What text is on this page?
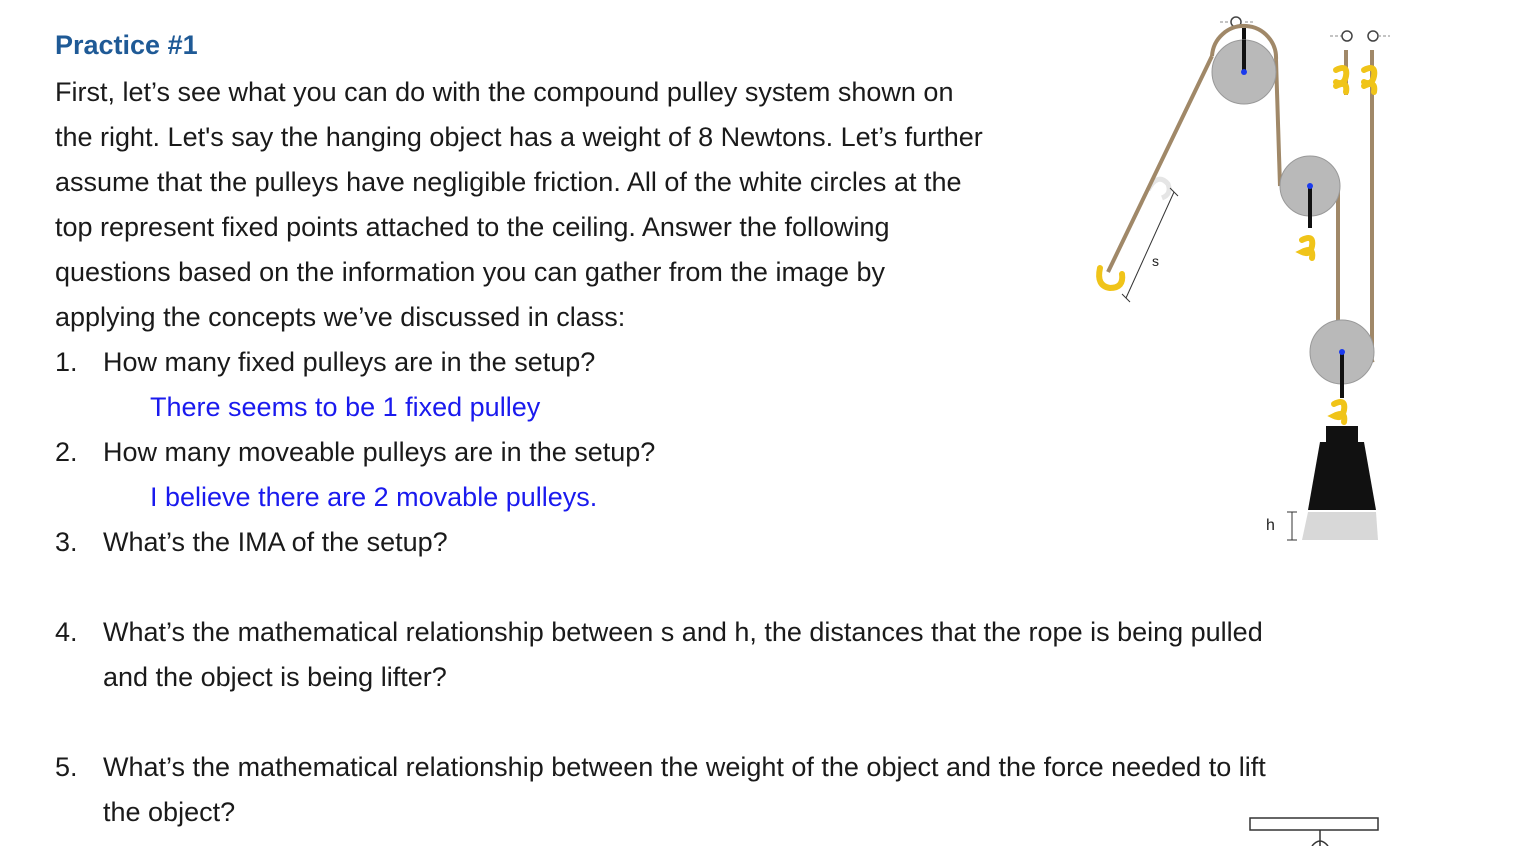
Practice #1
First, let’s see what you can do with the compound pulley system shown on
the right. Let's say the hanging object has a weight of 8 Newtons. Let’s further
assume that the pulleys have negligible friction. All of the white circles at the
top represent fixed points attached to the ceiling. Answer the following
questions based on the information you can gather from the image by
applying the concepts we’ve discussed in class:
1. How many fixed pulleys are in the setup?
There seems to be 1 fixed pulley
2. How many moveable pulleys are in the setup?
I believe there are 2 movable pulleys.
3. What’s the IMA of the setup?
4. What’s the mathematical relationship between s and h, the distances that the rope is being pulled
and the object is being lifter?
5. What’s the mathematical relationship between the weight of the object and the force needed to lift
the object?
s
h
